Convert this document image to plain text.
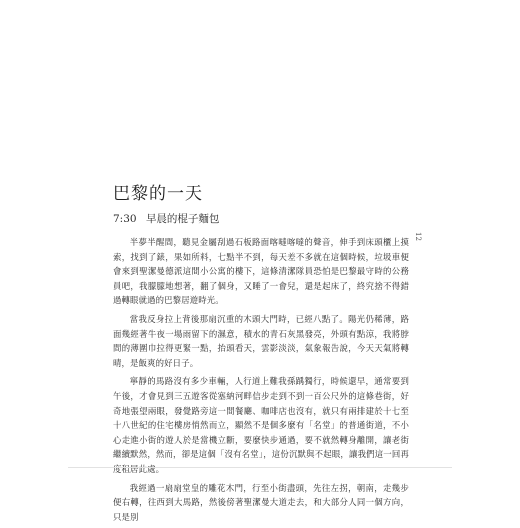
巴黎的一天
7:30 早晨的棍子麵包
12

半夢半醒間，聽見金屬刮過石板路面喀噠喀噠的聲音，伸手到床頭櫃上摸索，找到了錶，果如所料，七點半不到，每天差不多就在這個時候，垃圾車便會來到聖潔曼德派這間小公寓的樓下，這條清潔隊員恐怕是巴黎最守時的公務員吧，我朦朦地想著，翻了個身，又睡了一會兒，還是起床了，終究捨不得錯過轉眼就過的巴黎居遊時光。

當我反身拉上背後那扇沉重的木頭大門時，已經八點了。陽光仍稀薄，路面幾經著牛夜一場雨留下的濕意，積水的青石灰黑發亮，外頭有點涼，我將脖間的薄圍巾拉得更緊一點，抬頭看天，雲影淡淡，氣象報告說，今天天氣將轉晴，是飯爽的好日子。

寧靜的馬路沒有多少車輛，人行道上難我孫踽獨行，時候還早，通常要到午後，才會見到三五遊客從塞納河畔信步走到不到一百公尺外的這條巷街，好奇地張望兩眼，發覺路旁這一間餐廳、咖啡店也沒有，就只有兩排建於十七至十八世紀的住宅樓房悄然而立，顯然不是個多麼有「名堂」的普通街道，不小心走進小街的遊人於是當機立斷，要麼快步通過，要不就然轉身離開，讓老街繼續默然，然而，卻是這個「沒有名堂」，這份沉默與不起眼，讓我們這一回再度租居此處。

我經過一扇扇堂皇的雕花木門，行至小街盡頭，先往左拐，朝南，走幾步便右轉，往西到大馬路，然後傍著聖潔曼大道走去，和大部分人同一個方向，只是別
